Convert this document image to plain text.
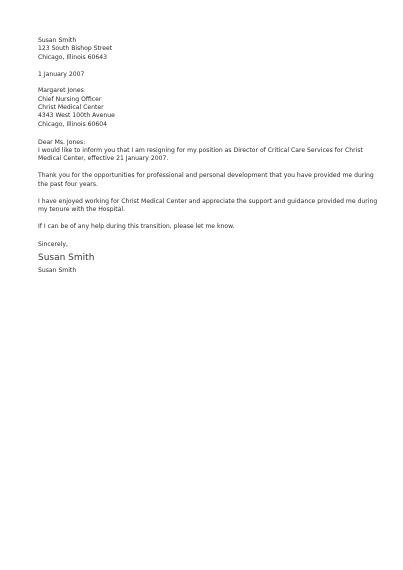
Susan Smith
123 South Bishop Street
Chicago, Illinois 60643
1 January 2007
Margaret Jones
Chief Nursing Officer
Christ Medical Center
4343 West 100th Avenue
Chicago, Illinois 60604
Dear Ms. Jones:
I would like to inform you that I am resigning for my position as Director of Critical Care Services for Christ
Medical Center, effective 21 January 2007.
Thank you for the opportunities for professional and personal development that you have provided me during
the past four years.
I have enjoyed working for Christ Medical Center and appreciate the support and guidance provided me during
my tenure with the Hospital.
If I can be of any help during this transition, please let me know.
Sincerely,
Susan Smith
Susan Smith
